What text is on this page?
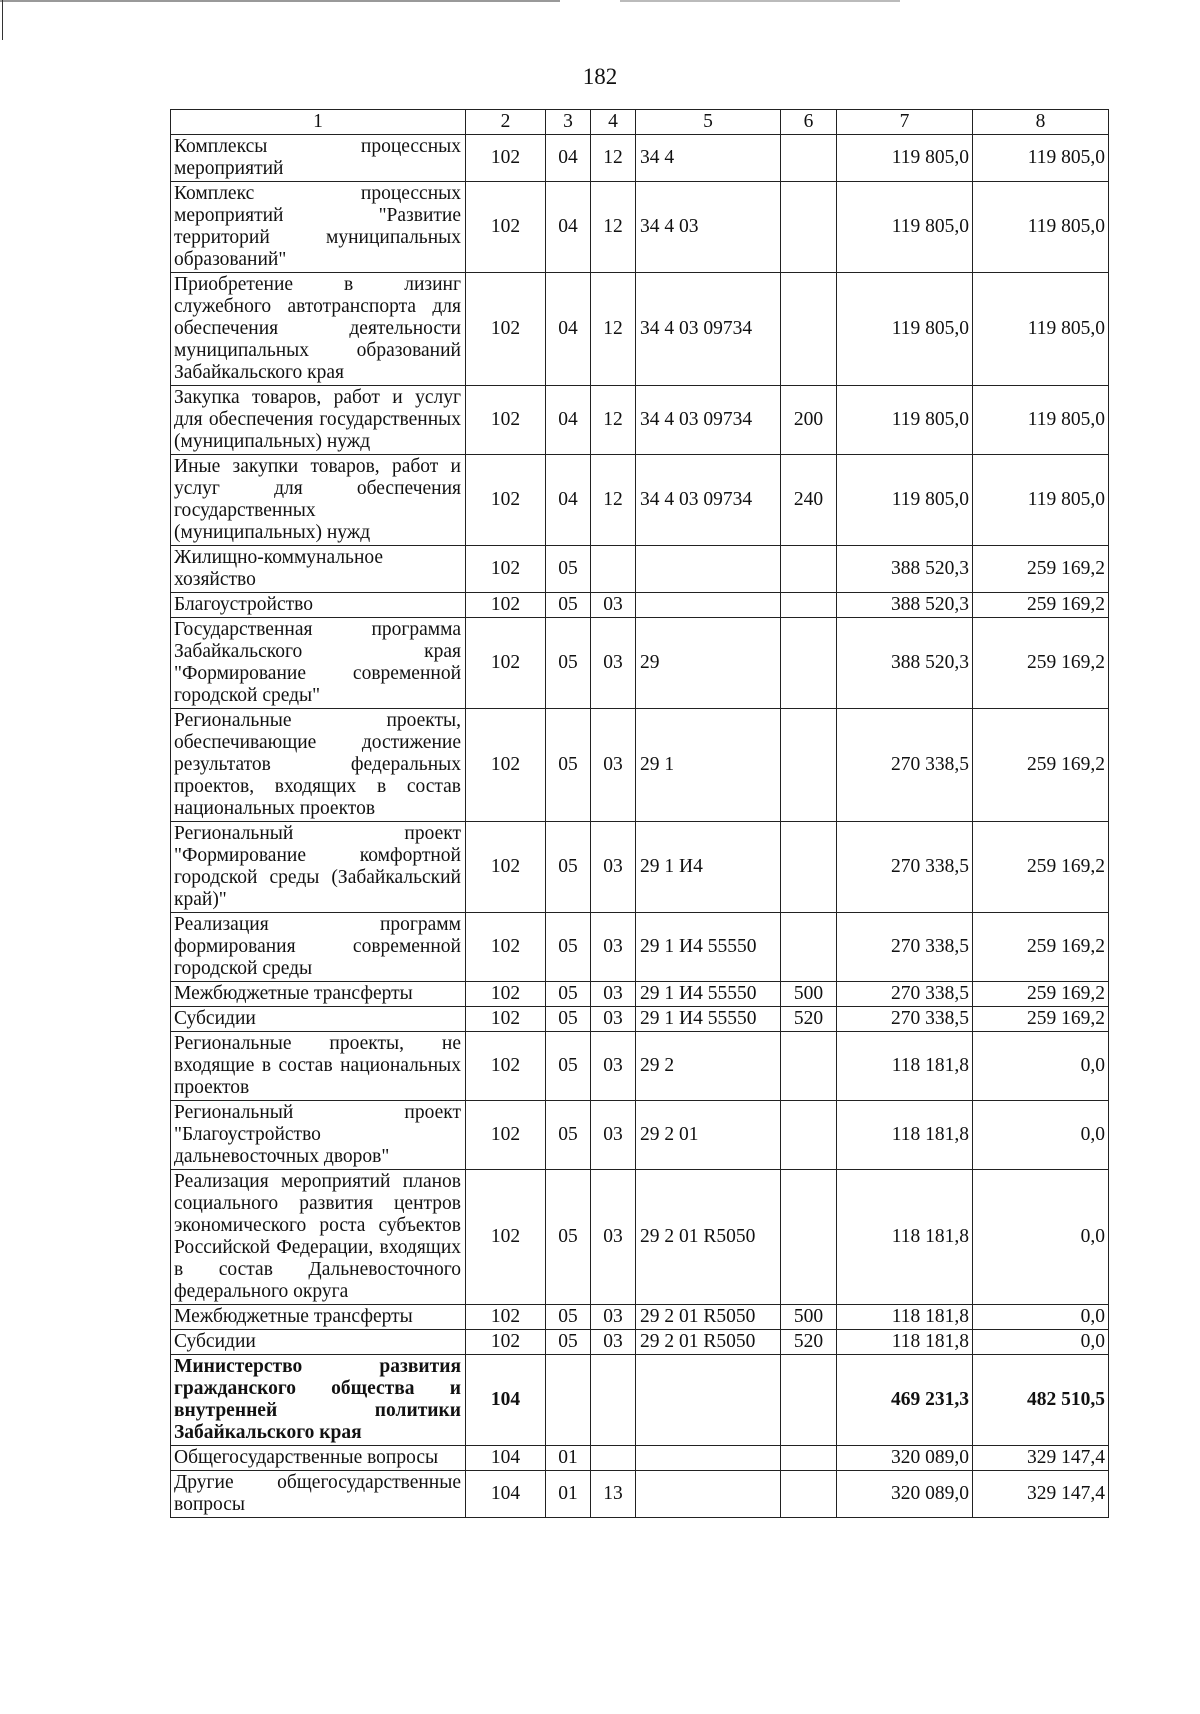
182
1	2	3	4	5	6	7	8
Комплексы процессных мероприятий	102	04	12	34 4		119 805,0	119 805,0
Комплекс процессных мероприятий "Развитие территорий муниципальных образований"	102	04	12	34 4 03		119 805,0	119 805,0
Приобретение в лизинг служебного автотранспорта для обеспечения деятельности муниципальных образований Забайкальского края	102	04	12	34 4 03 09734		119 805,0	119 805,0
Закупка товаров, работ и услуг для обеспечения государственных (муниципальных) нужд	102	04	12	34 4 03 09734	200	119 805,0	119 805,0
Иные закупки товаров, работ и услуг для обеспечения государственных (муниципальных) нужд	102	04	12	34 4 03 09734	240	119 805,0	119 805,0
Жилищно-коммунальное хозяйство	102	05				388 520,3	259 169,2
Благоустройство	102	05	03			388 520,3	259 169,2
Государственная программа Забайкальского края "Формирование современной городской среды"	102	05	03	29		388 520,3	259 169,2
Региональные проекты, обеспечивающие достижение результатов федеральных проектов, входящих в состав национальных проектов	102	05	03	29 1		270 338,5	259 169,2
Региональный проект "Формирование комфортной городской среды (Забайкальский край)"	102	05	03	29 1 И4		270 338,5	259 169,2
Реализация программ формирования современной городской среды	102	05	03	29 1 И4 55550		270 338,5	259 169,2
Межбюджетные трансферты	102	05	03	29 1 И4 55550	500	270 338,5	259 169,2
Субсидии	102	05	03	29 1 И4 55550	520	270 338,5	259 169,2
Региональные проекты, не входящие в состав национальных проектов	102	05	03	29 2		118 181,8	0,0
Региональный проект "Благоустройство дальневосточных дворов"	102	05	03	29 2 01		118 181,8	0,0
Реализация мероприятий планов социального развития центров экономического роста субъектов Российской Федерации, входящих в состав Дальневосточного федерального округа	102	05	03	29 2 01 R5050		118 181,8	0,0
Межбюджетные трансферты	102	05	03	29 2 01 R5050	500	118 181,8	0,0
Субсидии	102	05	03	29 2 01 R5050	520	118 181,8	0,0
Министерство развития гражданского общества и внутренней политики Забайкальского края	104					469 231,3	482 510,5
Общегосударственные вопросы	104	01				320 089,0	329 147,4
Другие общегосударственные вопросы	104	01	13			320 089,0	329 147,4
